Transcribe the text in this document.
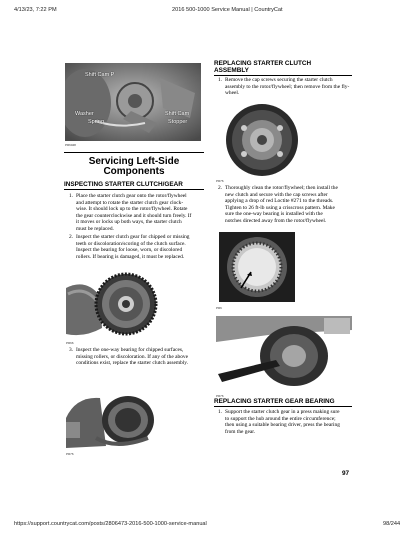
4/13/23, 7:22 PM	2016 500-1000 Service Manual | CountryCat
Shift Cam P
Washer
Spring
Shift Cam
Stopper
PR6048
Servicing Left-Side
Components
INSPECTING STARTER CLUTCH/GEAR
1. Place the starter clutch gear onto the rotor/flywheel
and attempt to rotate the starter clutch gear clock-
wise. It should lock up to the rotor/flywheel. Rotate
the gear counterclockwise and it should turn freely. If
it moves or locks up both ways, the starter clutch
must be replaced.
2. Inspect the starter clutch gear for chipped or missing
teeth or discoloration/scoring of the clutch surface.
Inspect the bearing for loose, worn, or discolored
rollers. If bearing is damaged, it must be replaced.
PR66
3. Inspect the one-way bearing for chipped surfaces,
missing rollers, or discoloration. If any of the above
conditions exist, replace the starter clutch assembly.
PR76
REPLACING STARTER CLUTCH
ASSEMBLY
1. Remove the cap screws securing the starter clutch
assembly to the rotor/flywheel; then remove from the fly-
wheel.
PR76
2. Thoroughly clean the rotor/flywheel; then install the
new clutch and secure with the cap screws after
applying a drop of red Loctite #271 to the threads.
Tighten to 26 ft-lb using a crisscross pattern. Make
sure the one-way bearing is installed with the
notches directed away from the rotor/flywheel.
PR6
PR76
REPLACING STARTER GEAR BEARING
1. Support the starter clutch gear in a press making sure
to support the hub around the entire circumference;
then using a suitable bearing driver, press the bearing
from the gear.
97
https://support.countrycat.com/posts/2806473-2016-500-1000-service-manual	98/244
